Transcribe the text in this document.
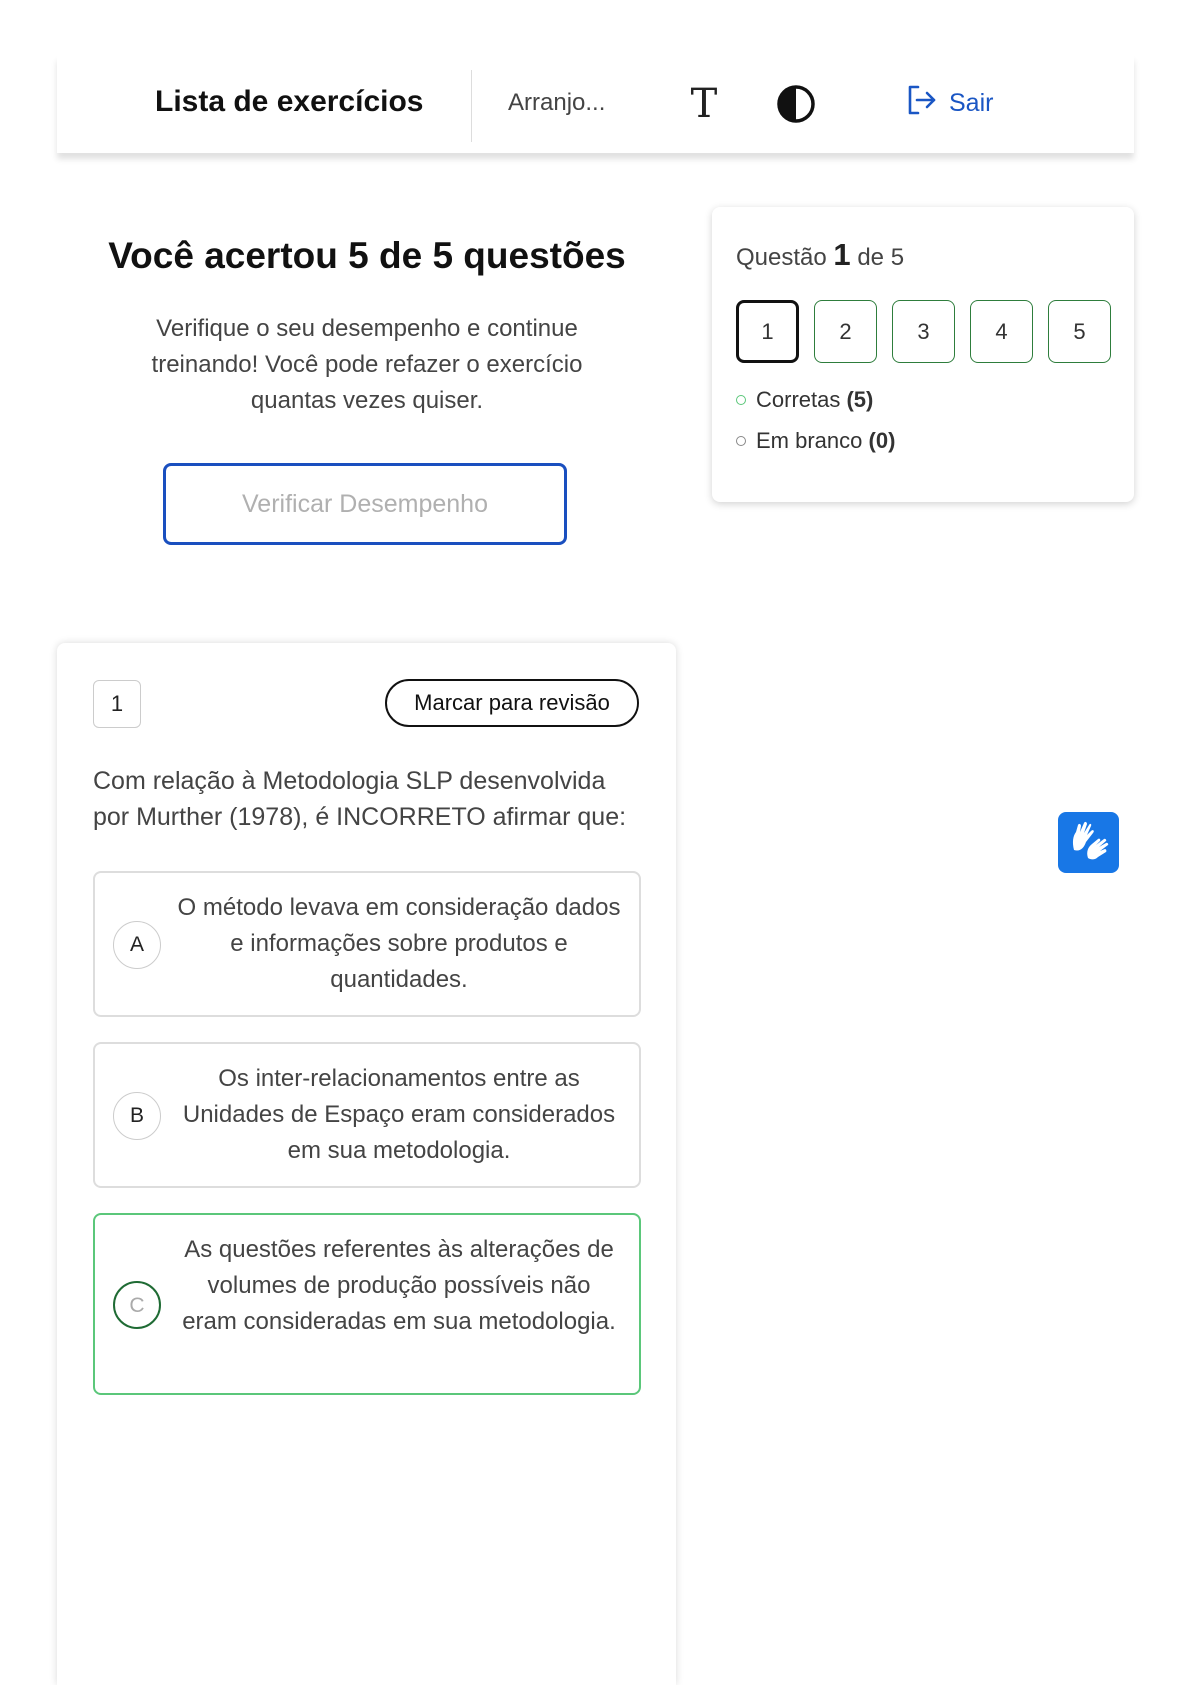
Lista de exercícios	Arranjo...	T	Sair
Você acertou 5 de 5 questões

Verifique o seu desempenho e continue treinando! Você pode refazer o exercício quantas vezes quiser.

Verificar Desempenho
Questão 1 de 5
1	2	3	4	5
Corretas (5)
Em branco (0)
1	Marcar para revisão
Com relação à Metodologia SLP desenvolvida por Murther (1978), é INCORRETO afirmar que:
A
O método levava em consideração dados e informações sobre produtos e quantidades.
B
Os inter-relacionamentos entre as Unidades de Espaço eram considerados em sua metodologia.
C
As questões referentes às alterações de volumes de produção possíveis não eram consideradas em sua metodologia.
